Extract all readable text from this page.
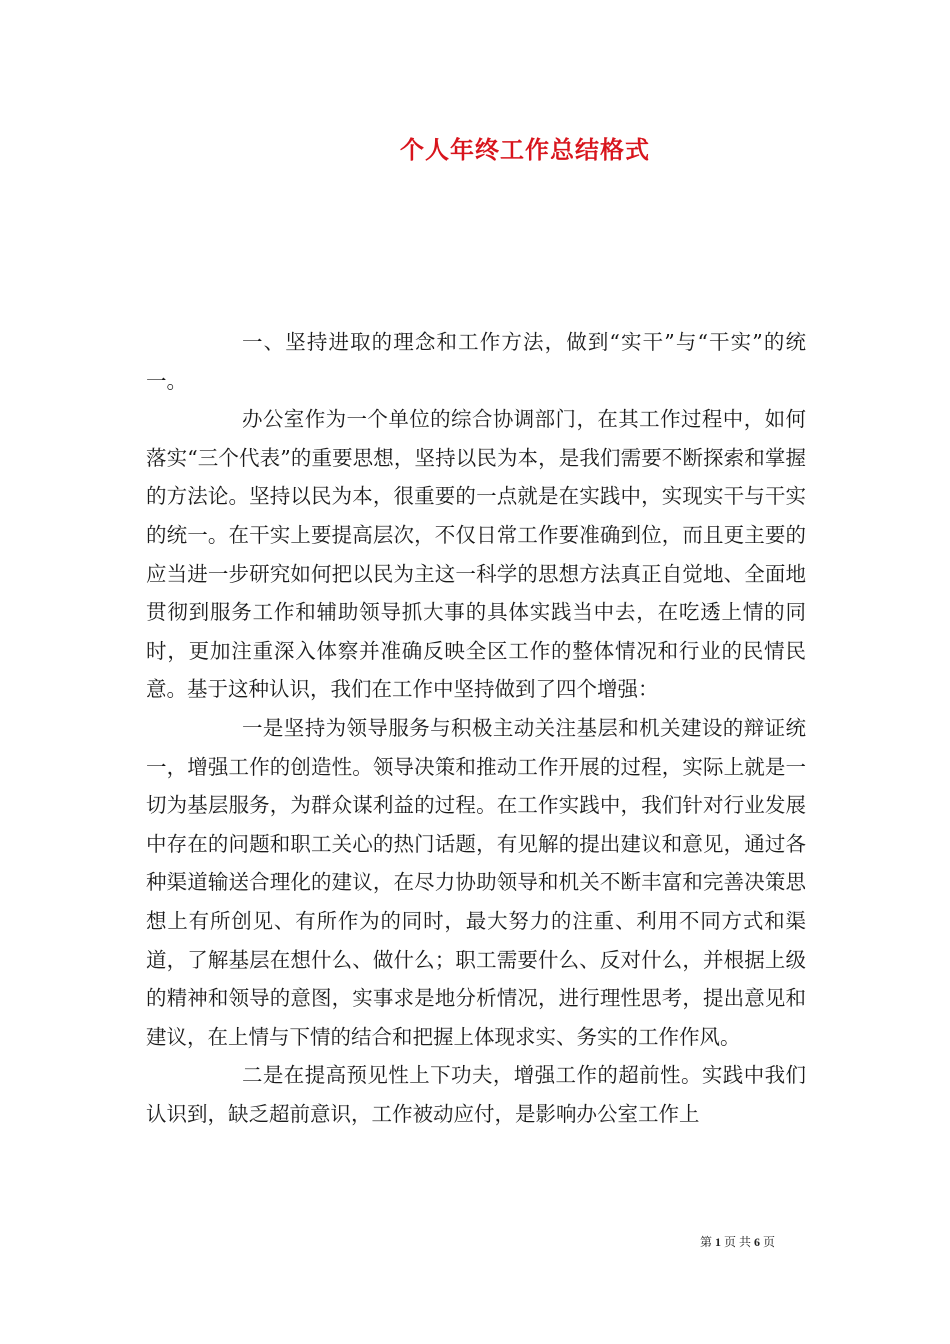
个人年终工作总结格式

一、坚持进取的理念和工作方法，做到“实干”与“干实”的统一。

办公室作为一个单位的综合协调部门，在其工作过程中，如何落实“三个代表”的重要思想，坚持以民为本，是我们需要不断探索和掌握的方法论。坚持以民为本，很重要的一点就是在实践中，实现实干与干实的统一。在干实上要提高层次，不仅日常工作要准确到位，而且更主要的应当进一步研究如何把以民为主这一科学的思想方法真正自觉地、全面地贯彻到服务工作和辅助领导抓大事的具体实践当中去，在吃透上情的同时，更加注重深入体察并准确反映全区工作的整体情况和行业的民情民意。基于这种认识，我们在工作中坚持做到了四个增强：

一是坚持为领导服务与积极主动关注基层和机关建设的辩证统一，增强工作的创造性。领导决策和推动工作开展的过程，实际上就是一切为基层服务，为群众谋利益的过程。在工作实践中，我们针对行业发展中存在的问题和职工关心的热门话题，有见解的提出建议和意见，通过各种渠道输送合理化的建议，在尽力协助领导和机关不断丰富和完善决策思想上有所创见、有所作为的同时，最大努力的注重、利用不同方式和渠道，了解基层在想什么、做什么；职工需要什么、反对什么，并根据上级的精神和领导的意图，实事求是地分析情况，进行理性思考，提出意见和建议，在上情与下情的结合和把握上体现求实、务实的工作作风。

二是在提高预见性上下功夫，增强工作的超前性。实践中我们认识到，缺乏超前意识，工作被动应付，是影响办公室工作上

第 1 页 共 6 页
